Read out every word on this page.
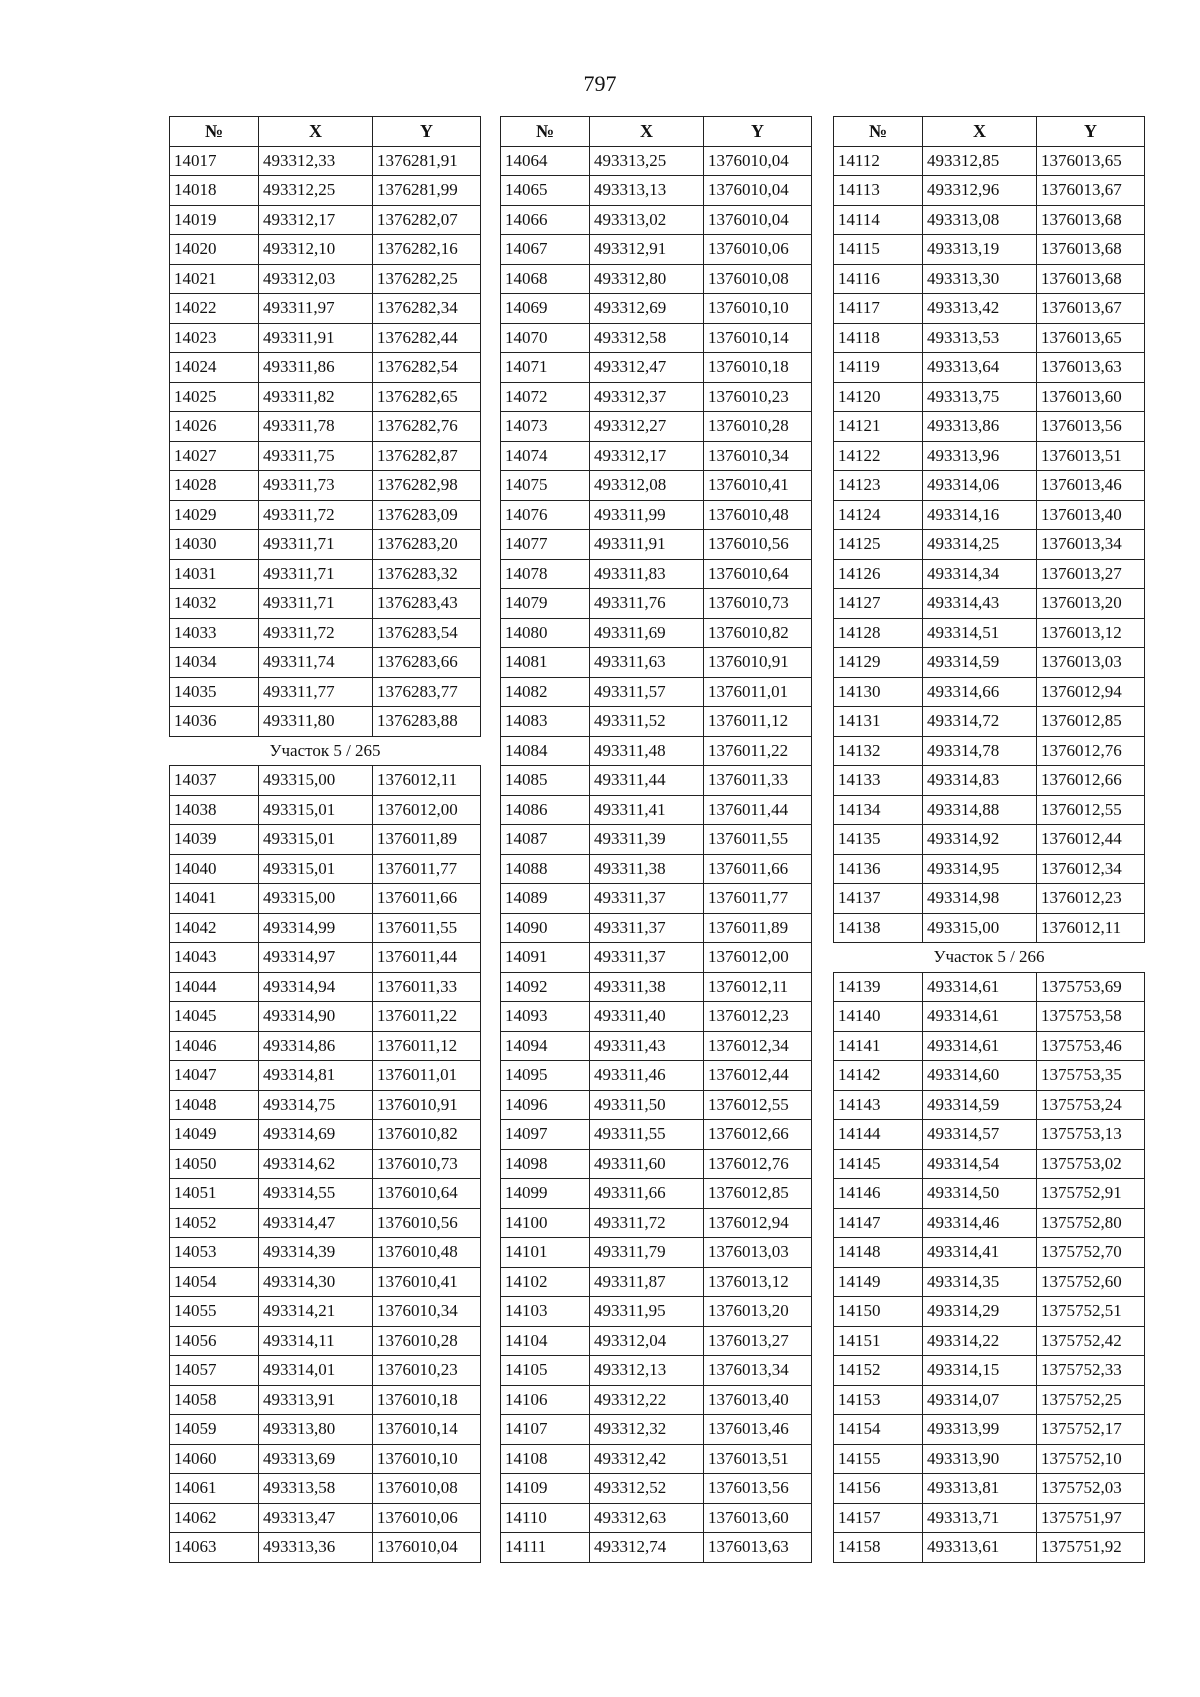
797
№	X	Y
14017	493312,33	1376281,91
14018	493312,25	1376281,99
14019	493312,17	1376282,07
14020	493312,10	1376282,16
14021	493312,03	1376282,25
14022	493311,97	1376282,34
14023	493311,91	1376282,44
14024	493311,86	1376282,54
14025	493311,82	1376282,65
14026	493311,78	1376282,76
14027	493311,75	1376282,87
14028	493311,73	1376282,98
14029	493311,72	1376283,09
14030	493311,71	1376283,20
14031	493311,71	1376283,32
14032	493311,71	1376283,43
14033	493311,72	1376283,54
14034	493311,74	1376283,66
14035	493311,77	1376283,77
14036	493311,80	1376283,88
Участок 5 / 265		
14037	493315,00	1376012,11
14038	493315,01	1376012,00
14039	493315,01	1376011,89
14040	493315,01	1376011,77
14041	493315,00	1376011,66
14042	493314,99	1376011,55
14043	493314,97	1376011,44
14044	493314,94	1376011,33
14045	493314,90	1376011,22
14046	493314,86	1376011,12
14047	493314,81	1376011,01
14048	493314,75	1376010,91
14049	493314,69	1376010,82
14050	493314,62	1376010,73
14051	493314,55	1376010,64
14052	493314,47	1376010,56
14053	493314,39	1376010,48
14054	493314,30	1376010,41
14055	493314,21	1376010,34
14056	493314,11	1376010,28
14057	493314,01	1376010,23
14058	493313,91	1376010,18
14059	493313,80	1376010,14
14060	493313,69	1376010,10
14061	493313,58	1376010,08
14062	493313,47	1376010,06
14063	493313,36	1376010,04
№	X	Y
14064	493313,25	1376010,04
14065	493313,13	1376010,04
14066	493313,02	1376010,04
14067	493312,91	1376010,06
14068	493312,80	1376010,08
14069	493312,69	1376010,10
14070	493312,58	1376010,14
14071	493312,47	1376010,18
14072	493312,37	1376010,23
14073	493312,27	1376010,28
14074	493312,17	1376010,34
14075	493312,08	1376010,41
14076	493311,99	1376010,48
14077	493311,91	1376010,56
14078	493311,83	1376010,64
14079	493311,76	1376010,73
14080	493311,69	1376010,82
14081	493311,63	1376010,91
14082	493311,57	1376011,01
14083	493311,52	1376011,12
14084	493311,48	1376011,22
14085	493311,44	1376011,33
14086	493311,41	1376011,44
14087	493311,39	1376011,55
14088	493311,38	1376011,66
14089	493311,37	1376011,77
14090	493311,37	1376011,89
14091	493311,37	1376012,00
14092	493311,38	1376012,11
14093	493311,40	1376012,23
14094	493311,43	1376012,34
14095	493311,46	1376012,44
14096	493311,50	1376012,55
14097	493311,55	1376012,66
14098	493311,60	1376012,76
14099	493311,66	1376012,85
14100	493311,72	1376012,94
14101	493311,79	1376013,03
14102	493311,87	1376013,12
14103	493311,95	1376013,20
14104	493312,04	1376013,27
14105	493312,13	1376013,34
14106	493312,22	1376013,40
14107	493312,32	1376013,46
14108	493312,42	1376013,51
14109	493312,52	1376013,56
14110	493312,63	1376013,60
14111	493312,74	1376013,63
№	X	Y
14112	493312,85	1376013,65
14113	493312,96	1376013,67
14114	493313,08	1376013,68
14115	493313,19	1376013,68
14116	493313,30	1376013,68
14117	493313,42	1376013,67
14118	493313,53	1376013,65
14119	493313,64	1376013,63
14120	493313,75	1376013,60
14121	493313,86	1376013,56
14122	493313,96	1376013,51
14123	493314,06	1376013,46
14124	493314,16	1376013,40
14125	493314,25	1376013,34
14126	493314,34	1376013,27
14127	493314,43	1376013,20
14128	493314,51	1376013,12
14129	493314,59	1376013,03
14130	493314,66	1376012,94
14131	493314,72	1376012,85
14132	493314,78	1376012,76
14133	493314,83	1376012,66
14134	493314,88	1376012,55
14135	493314,92	1376012,44
14136	493314,95	1376012,34
14137	493314,98	1376012,23
14138	493315,00	1376012,11
Участок 5 / 266		
14139	493314,61	1375753,69
14140	493314,61	1375753,58
14141	493314,61	1375753,46
14142	493314,60	1375753,35
14143	493314,59	1375753,24
14144	493314,57	1375753,13
14145	493314,54	1375753,02
14146	493314,50	1375752,91
14147	493314,46	1375752,80
14148	493314,41	1375752,70
14149	493314,35	1375752,60
14150	493314,29	1375752,51
14151	493314,22	1375752,42
14152	493314,15	1375752,33
14153	493314,07	1375752,25
14154	493313,99	1375752,17
14155	493313,90	1375752,10
14156	493313,81	1375752,03
14157	493313,71	1375751,97
14158	493313,61	1375751,92
